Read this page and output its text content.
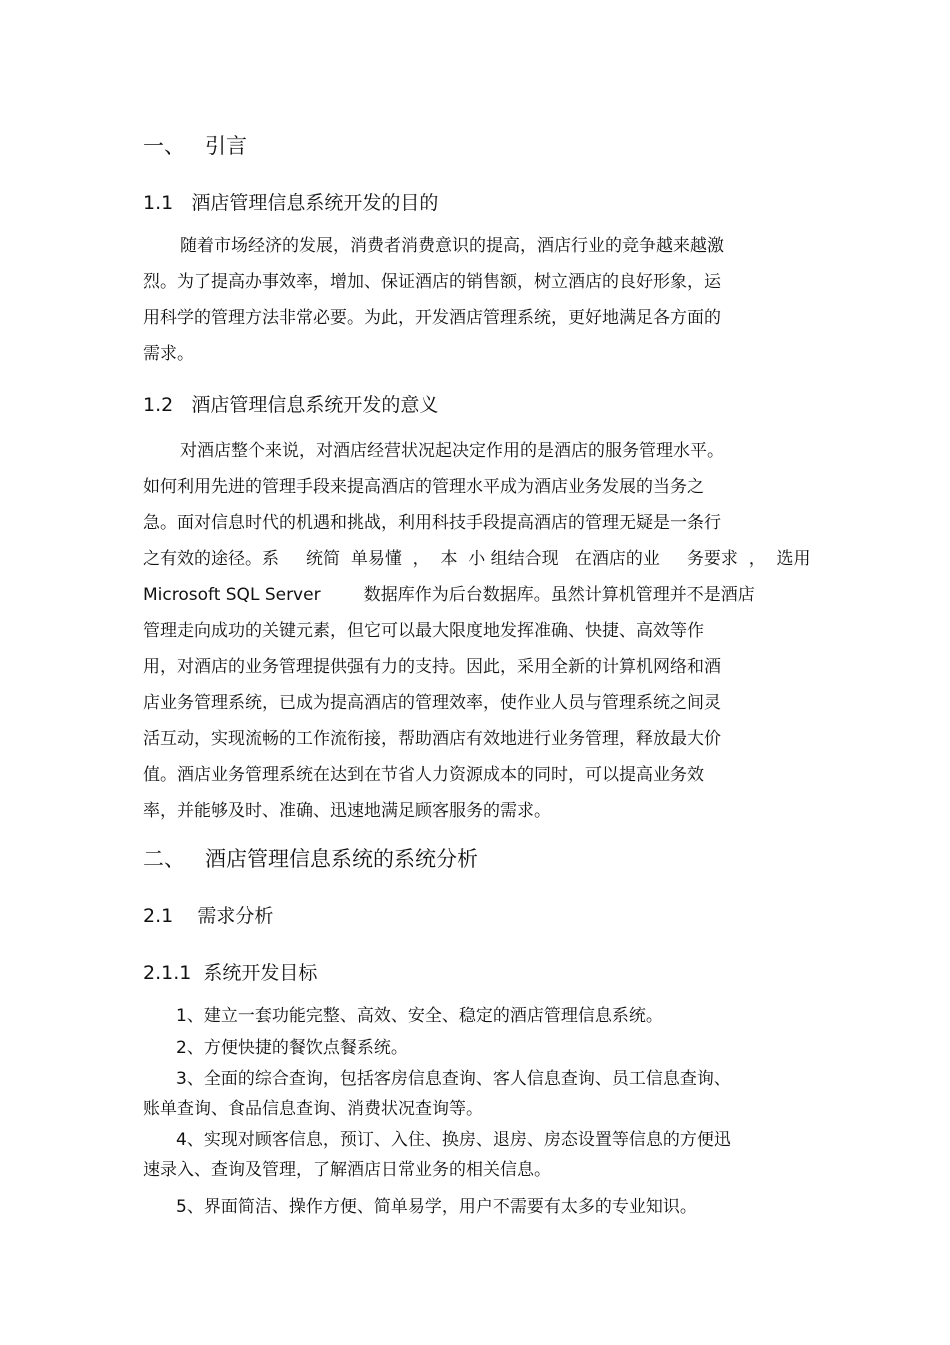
一、   引言
1.1   酒店管理信息系统开发的目的
随着市场经济的发展，消费者消费意识的提高，酒店行业的竞争越来越激
烈。为了提高办事效率，增加、保证酒店的销售额，树立酒店的良好形象，运
用科学的管理方法非常必要。为此，开发酒店管理系统，更好地满足各方面的
需求。
1.2   酒店管理信息系统开发的意义
对酒店整个来说，对酒店经营状况起决定作用的是酒店的服务管理水平。
如何利用先进的管理手段来提高酒店的管理水平成为酒店业务发展的当务之
急。面对信息时代的机遇和挑战，利用科技手段提高酒店的管理无疑是一条行
之有效的途径。系     统简  单易懂  ，  本  小 组结合现   在酒店的业     务要求  ，  选用
Microsoft SQL Server        数据库作为后台数据库。虽然计算机管理并不是酒店
管理走向成功的关键元素，但它可以最大限度地发挥准确、快捷、高效等作
用，对酒店的业务管理提供强有力的支持。因此，采用全新的计算机网络和酒
店业务管理系统，已成为提高酒店的管理效率，使作业人员与管理系统之间灵
活互动，实现流畅的工作流衔接，帮助酒店有效地进行业务管理，释放最大价
值。酒店业务管理系统在达到在节省人力资源成本的同时，可以提高业务效
率，并能够及时、准确、迅速地满足顾客服务的需求。
二、   酒店管理信息系统的系统分析
2.1    需求分析
2.1.1  系统开发目标
1、建立一套功能完整、高效、安全、稳定的酒店管理信息系统。
2、方便快捷的餐饮点餐系统。
3、全面的综合查询，包括客房信息查询、客人信息查询、员工信息查询、
账单查询、食品信息查询、消费状况查询等。
4、实现对顾客信息，预订、入住、换房、退房、房态设置等信息的方便迅
速录入、查询及管理，了解酒店日常业务的相关信息。
5、界面简洁、操作方便、简单易学，用户不需要有太多的专业知识。
